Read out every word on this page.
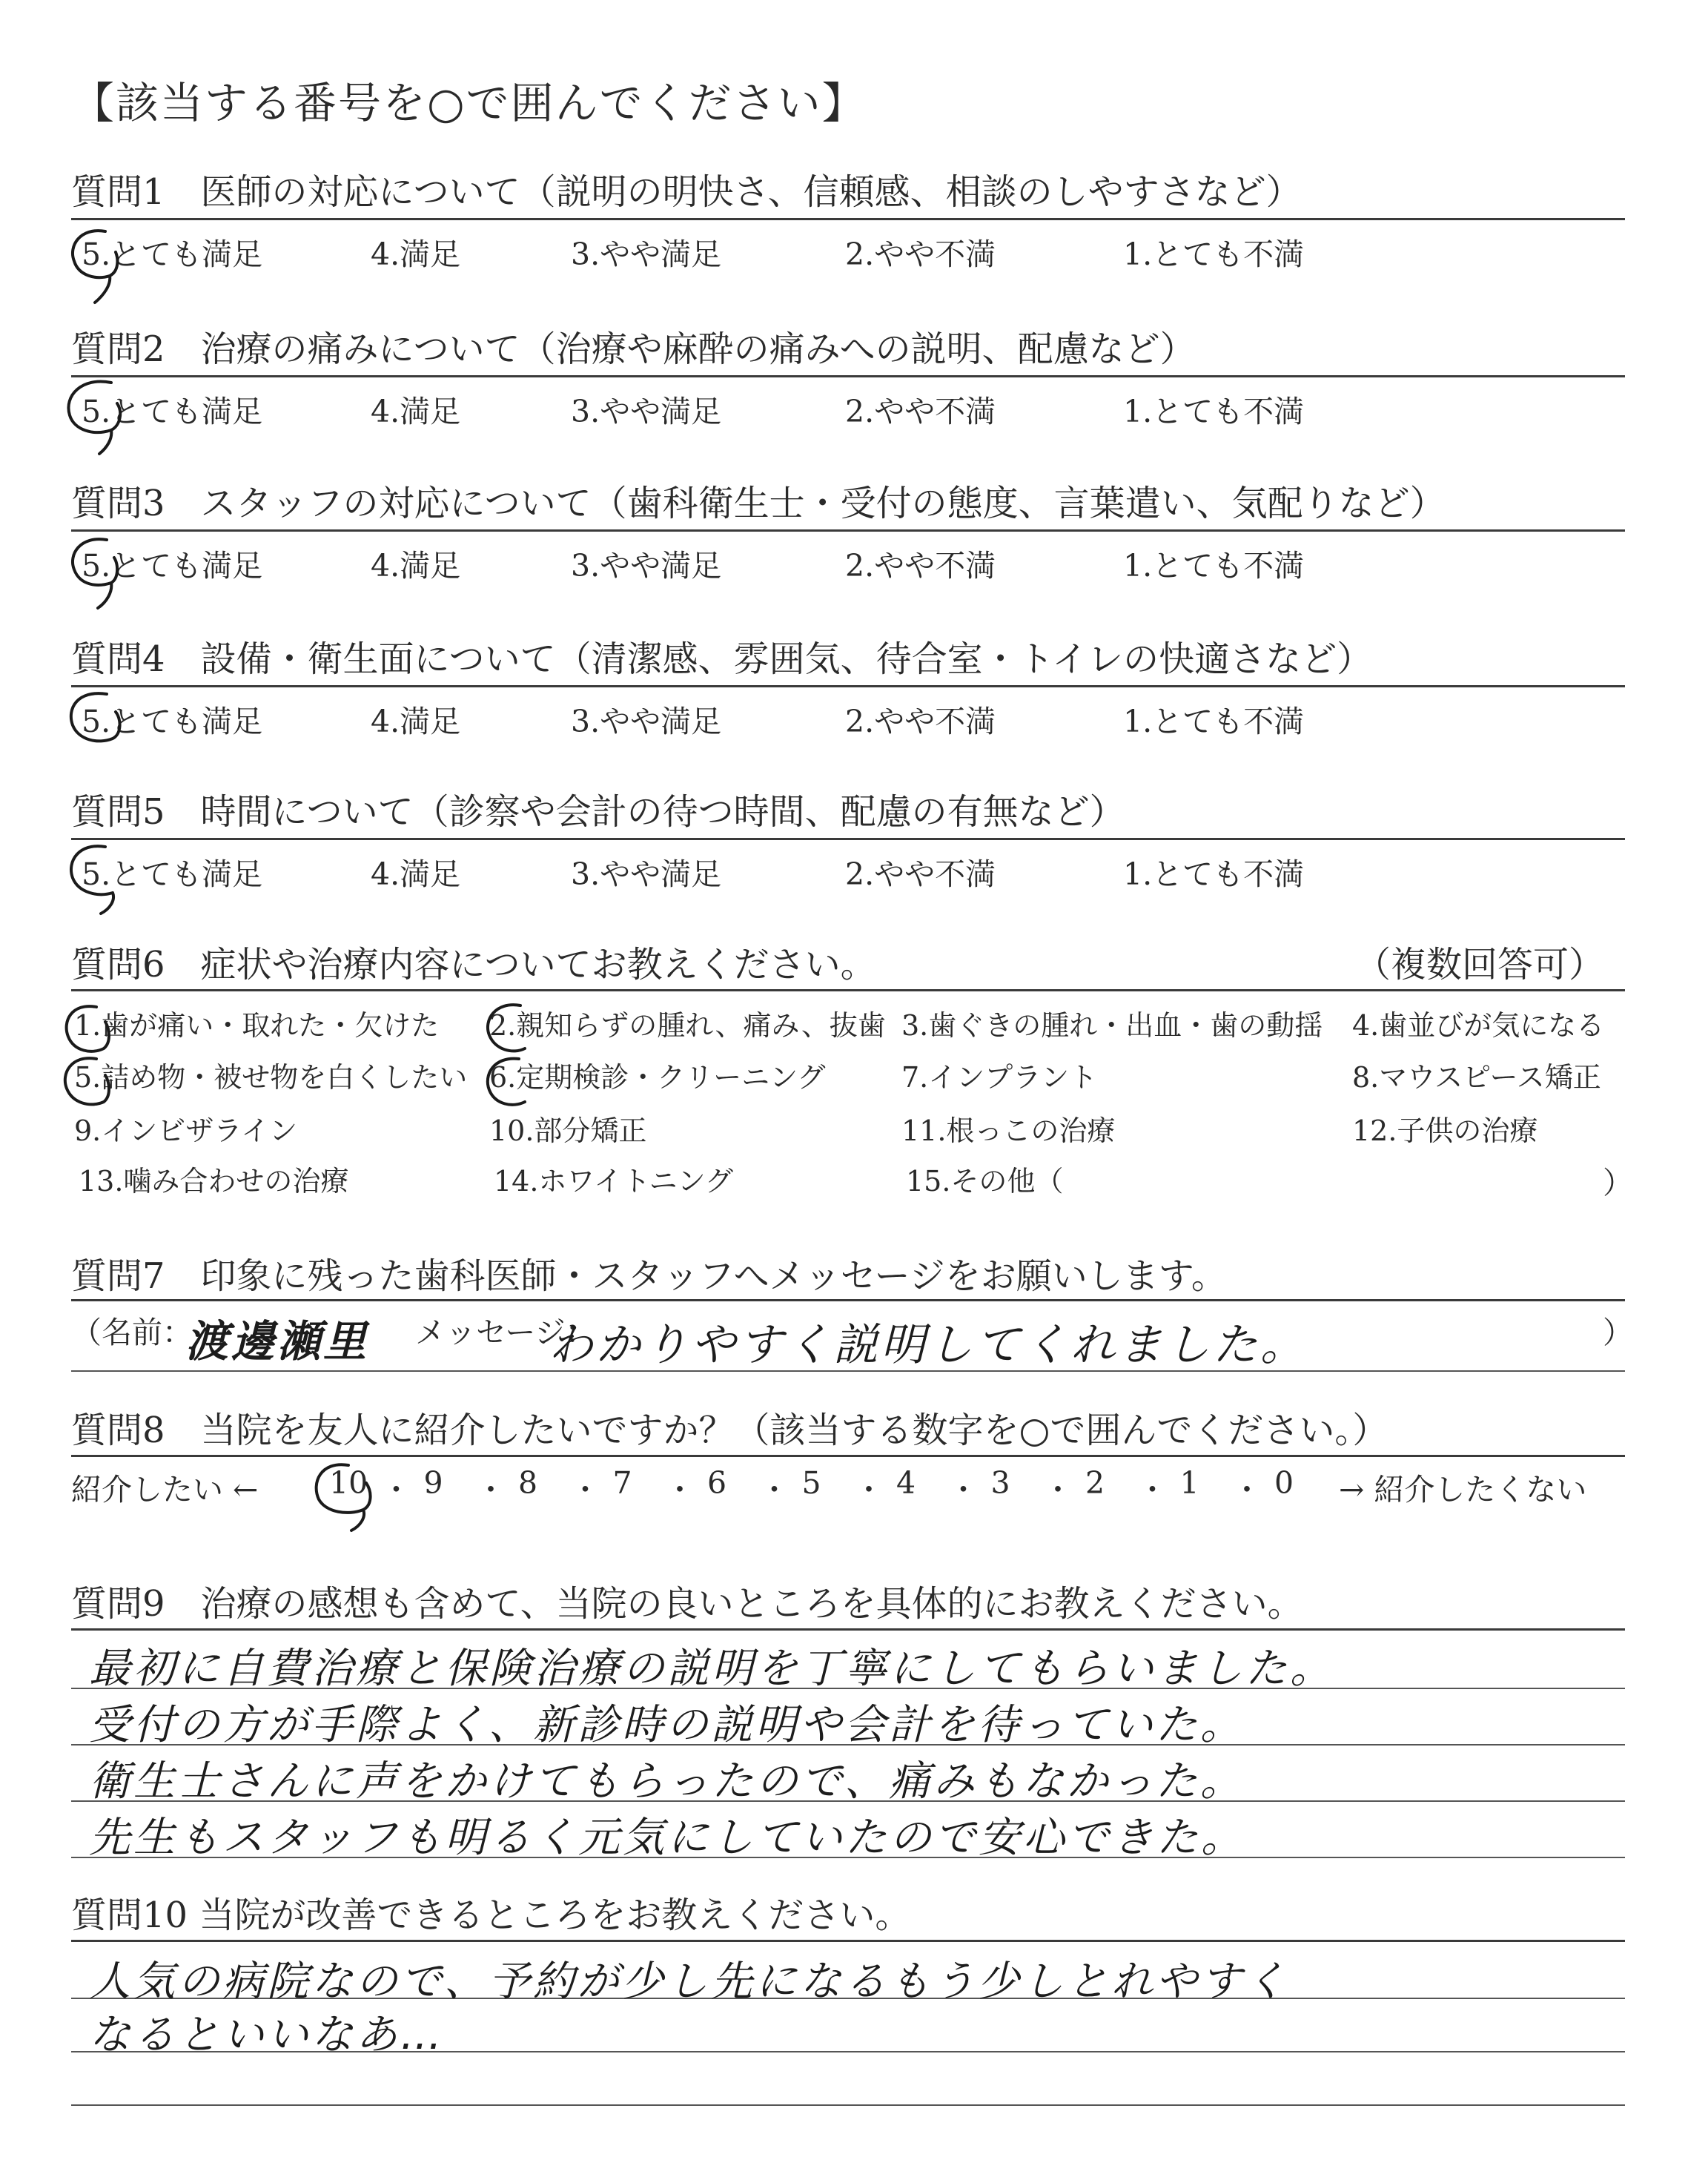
【該当する番号を○で囲んでください】
質問1　医師の対応について（説明の明快さ、信頼感、相談のしやすさなど）
5.とても満足	4.満足	3.やや満足	2.やや不満	1.とても不満
質問2　治療の痛みについて（治療や麻酔の痛みへの説明、配慮など）
5.とても満足	4.満足	3.やや満足	2.やや不満	1.とても不満
質問3　スタッフの対応について（歯科衛生士・受付の態度、言葉遣い、気配りなど）
5.とても満足	4.満足	3.やや満足	2.やや不満	1.とても不満
質問4　設備・衛生面について（清潔感、雰囲気、待合室・トイレの快適さなど）
5.とても満足	4.満足	3.やや満足	2.やや不満	1.とても不満
質問5　時間について（診察や会計の待つ時間、配慮の有無など）
5.とても満足	4.満足	3.やや満足	2.やや不満	1.とても不満
質問6　症状や治療内容についてお教えください。	（複数回答可）
1.歯が痛い・取れた・欠けた 2.親知らずの腫れ、痛み、抜歯 3.歯ぐきの腫れ・出血・歯の動揺 4.歯並びが気になる
5.詰め物・被せ物を白くしたい 6.定期検診・クリーニング	7.インプラント	8.マウスピース矯正
9.インビザライン	10.部分矯正	11.根っこの治療	12.子供の治療
13.噛み合わせの治療	14.ホワイトニング	15.その他（	）
質問7　印象に残った歯科医師・スタッフへメッセージをお願いします。
（名前：
渡邊瀬里 メッセージ：
わかりやすく説明してくれました。	）
質問8　当院を友人に紹介したいですか？（該当する数字を○で囲んでください。）
紹介したい ← 10 ・ 9 ・ 8 ・ 7 ・ 6 ・ 5 ・ 4 ・ 3 ・ 2 ・ 1 ・ 0 → 紹介したくない
質問9　治療の感想も含めて、当院の良いところを具体的にお教えください。
最初に自費治療と保険治療の説明を丁寧にしてもらいました。
受付の方が手際よく、新診時の説明や会計を待っていた。
衛生士さんに声をかけてもらったので、痛みもなかった。
先生もスタッフも明るく元気にしていたので安心できた。
質問10 当院が改善できるところをお教えください。
人気の病院なので、予約が少し先になるもう少しとれやすく
なるといいなあ…
